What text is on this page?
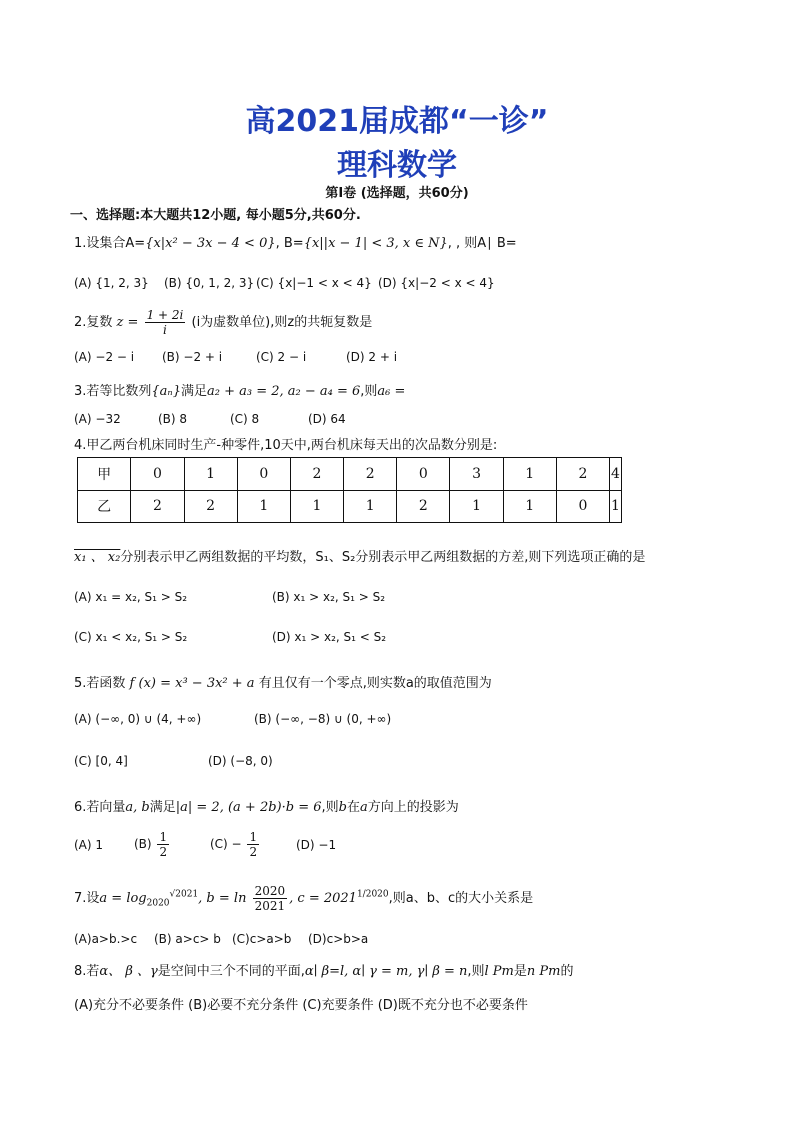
高2021届成都“一诊”
理科数学
第Ⅰ卷 (选择题，共60分)
一、选择题:本大题共12小题, 每小题5分,共60分.
1.设集合A={x|x² − 3x − 4 < 0}, B={x||x − 1| < 3, x ∈ N}, , 则A∣ B=
(A) {1, 2, 3} (B) {0, 1, 2, 3} (C) {x|−1 < x < 4} (D) {x|−2 < x < 4}
2.复数 $z = \frac{1 + 2i}{i} (i$为虚数单位),则z的共轭复数是
(A) −2 − i (B) −2 + i	(C) 2 − i	(D) 2 + i
3.若等比数列{aₙ}满足a₂ + a₃ = 2, a₂ − a₄ = 6,则a₆ =
(A) −32	(B) 8	(C) 8	(D) 64
4.甲乙两台机床同时生产-种零件,10天中,两台机床每天出的次品数分别是:
甲	0	1	0	2	2	0	3	1	2	4
乙	2	2	1	1	1	2	1	1	0	1
x₁ 、 x₂分别表示甲乙两组数据的平均数，S₁、S₂分别表示甲乙两组数据的方差,则下列选项正确的是
(A) x₁ = x₂, S₁ > S₂	(B) x₁ > x₂, S₁ > S₂
(C) x₁ < x₂, S₁ > S₂	(D) x₁ > x₂, S₁ < S₂
5.若函数 f (x) = x³ − 3x² + a 有且仅有一个零点,则实数a的取值范围为
(A) (−∞, 0) ∪ (4, +∞)	(B) (−∞, −8) ∪ (0, +∞)
(C) [0, 4]	(D) (−8, 0)
6.若向量a, b满足|a| = 2, (a + 2b)·b = 6,则b在a方向上的投影为
(A) 1	$(B) \frac{1}{2}$	$(C) - \frac{1}{2}$	(D) −1
7.设$a = \log_{2020}^{√2021}$, $b = \ln \frac{2020}{2021}$ , $c = 2021^{1/2020}$,则a、b、c的大小关系是
(A)a>b.>c (B) a>c> b (C)c>a>b (D)c>b>a
8.若α、 β 、γ是空间中三个不同的平面,α∣ β=l, α∣ γ = m, γ∣ β = n,则l Pm是n Pm的
(A)充分不必要条件 (B)必要不充分条件 (C)充要条件 (D)既不充分也不必要条件
